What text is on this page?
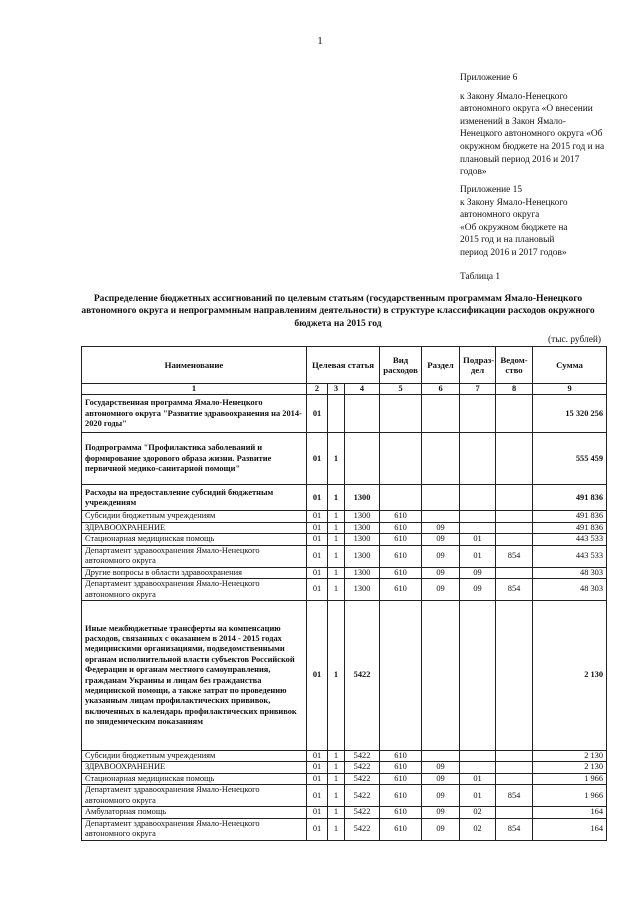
1
Приложение 6
к Закону Ямало-Ненецкого
автономного округа «О внесении
изменений в Закон Ямало-
Ненецкого автономного округа «Об
окружном бюджете на 2015 год и на
плановый период 2016 и 2017
годов»
Приложение 15
к Закону Ямало-Ненецкого
автономного округа
«Об окружном бюджете на
2015 год и на плановый
период 2016 и 2017 годов»
Таблица 1
Распределение бюджетных ассигнований по целевым статьям (государственным программам Ямало-Ненецкого автономного округа и непрограммным направлениям деятельности) в структуре классификации расходов окружного бюджета на 2015 год
(тыс. рублей)
Наименование	Целевая статья			Вид расходов	Раздел	Подраз-дел	Ведом-ство	Сумма
1	2	3	4	5	6	7	8	9
Государственная программа Ямало-Ненецкого автономного округа "Развитие здравоохранения на 2014-2020 годы"	01							15 320 256
Подпрограмма "Профилактика заболеваний и формирование здорового образа жизни. Развитие первичной медико-санитарной помощи"	01	1						555 459
Расходы на предоставление субсидий бюджетным учреждениям	01	1	1300					491 836
Субсидии бюджетным учреждениям	01	1	1300	610				491 836
ЗДРАВООХРАНЕНИЕ	01	1	1300	610	09			491 836
Стационарная медицинская помощь	01	1	1300	610	09	01		443 533
Департамент здравоохранения Ямало-Ненецкого автономного округа	01	1	1300	610	09	01	854	443 533
Другие вопросы в области здравоохранения	01	1	1300	610	09	09		48 303
Департамент здравоохранения Ямало-Ненецкого автономного округа	01	1	1300	610	09	09	854	48 303
Иные межбюджетные трансферты на компенсацию расходов, связанных с оказанием в 2014 - 2015 годах медицинскими организациями, подведомственными органам исполнительной власти субъектов Российской Федерации и органам местного самоуправления, гражданам Украины и лицам без гражданства медицинской помощи, а также затрат по проведению указанным лицам профилактических прививок, включенных в календарь профилактических прививок по эпидемическим показаниям	01	1	5422					2 130
Субсидии бюджетным учреждениям	01	1	5422	610				2 130
ЗДРАВООХРАНЕНИЕ	01	1	5422	610	09			2 130
Стационарная медицинская помощь	01	1	5422	610	09	01		1 966
Департамент здравоохранения Ямало-Ненецкого автономного округа	01	1	5422	610	09	01	854	1 966
Амбулаторная помощь	01	1	5422	610	09	02		164
Департамент здравоохранения Ямало-Ненецкого автономного округа	01	1	5422	610	09	02	854	164
